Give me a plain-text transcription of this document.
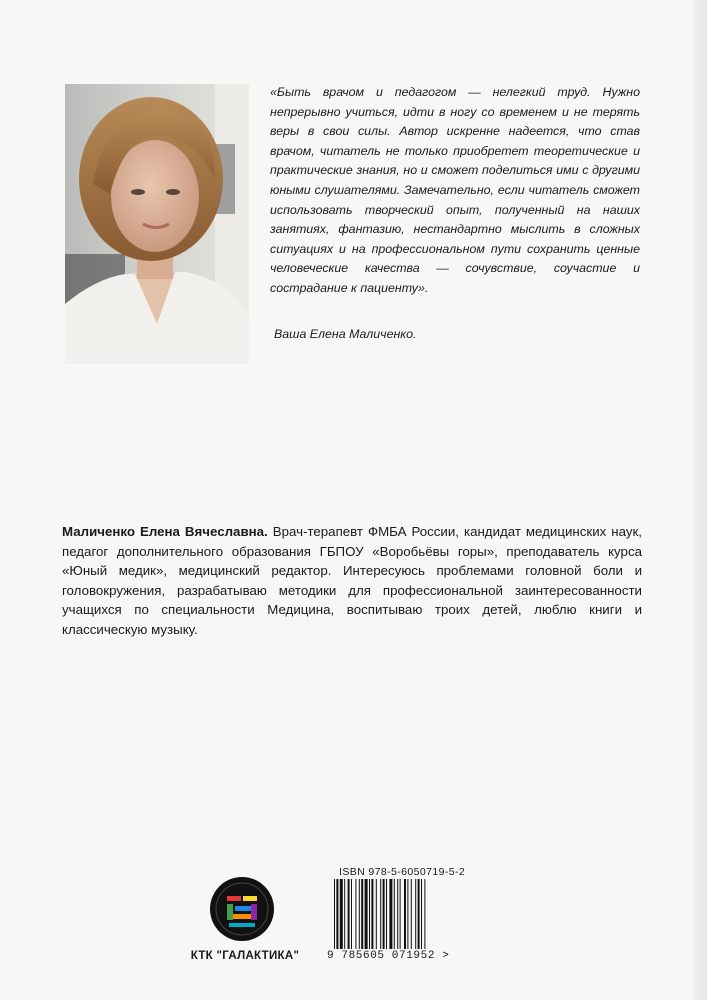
«Быть врачом и педагогом — нелегкий труд. Нужно непрерывно учиться, идти в ногу со временем и не терять веры в свои силы. Автор искренне надеется, что став врачом, читатель не только приобретет теоретические и практические знания, но и сможет поделиться ими с другими юными слушателями. Замечательно, если читатель сможет использовать творческий опыт, полученный на наших занятиях, фантазию, нестандартно мыслить в сложных ситуациях и на профессиональном пути сохранить ценные человеческие качества — сочувствие, соучастие и сострадание к пациенту».

Ваша Елена Маличенко.

Маличенко Елена Вячеславна. Врач-терапевт ФМБА России, кандидат медицинских наук, педагог дополнительного образования ГБПОУ «Воробьёвы горы», преподаватель курса «Юный медик», медицинский редактор. Интересуюсь проблемами головной боли и головокружения, разрабатываю методики для профессиональной заинтересованности учащихся по специальности Медицина, воспитываю троих детей, люблю книги и классическую музыку.

КТК "ГАЛАКТИКА"
ISBN 978-5-6050719-5-2
9 785605 071952 >
